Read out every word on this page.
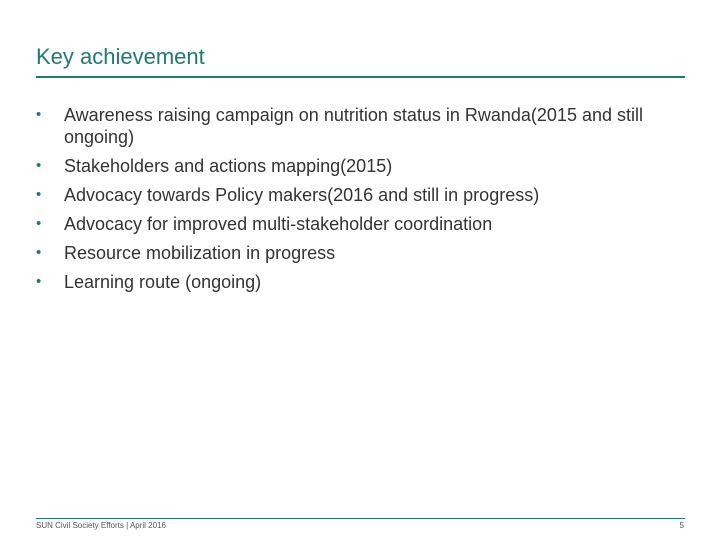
Key achievement
• Awareness raising campaign on nutrition status in Rwanda(2015 and still ongoing)
• Stakeholders and actions mapping(2015)
• Advocacy towards Policy makers(2016 and still in progress)
• Advocacy for improved multi-stakeholder coordination
• Resource mobilization in progress
• Learning route (ongoing)
SUN Civil Society Efforts | April 2016	5
